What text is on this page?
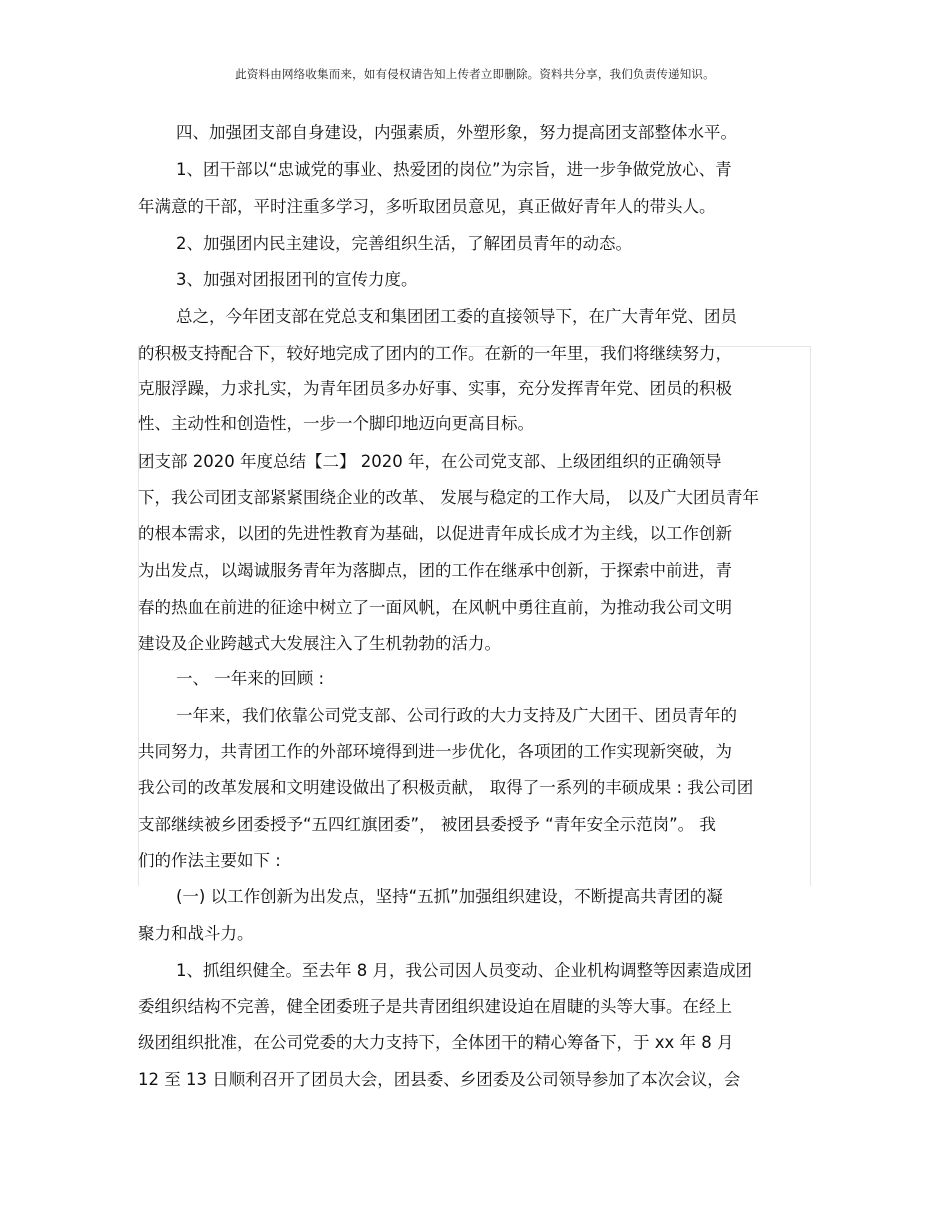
此资料由网络收集而来，如有侵权请告知上传者立即删除。资料共分享，我们负责传递知识。
四、加强团支部自身建设，内强素质，外塑形象，努力提高团支部整体水平。
1、团干部以“忠诚党的事业、热爱团的岗位”为宗旨，进一步争做党放心、青
年满意的干部，平时注重多学习，多听取团员意见，真正做好青年人的带头人。
2、加强团内民主建设，完善组织生活，了解团员青年的动态。
3、加强对团报团刊的宣传力度。
总之，今年团支部在党总支和集团团工委的直接领导下，在广大青年党、团员
的积极支持配合下，较好地完成了团内的工作。在新的一年里，我们将继续努力，
克服浮躁，力求扎实，为青年团员多办好事、实事，充分发挥青年党、团员的积极
性、主动性和创造性，一步一个脚印地迈向更高目标。
团支部 2020 年度总结【二】 2020 年，在公司党支部、上级团组织的正确领导
下，我公司团支部紧紧围绕企业的改革、 发展与稳定的工作大局， 以及广大团员青年
的根本需求，以团的先进性教育为基础，以促进青年成长成才为主线，以工作创新
为出发点，以竭诚服务青年为落脚点，团的工作在继承中创新，于探索中前进，青
春的热血在前进的征途中树立了一面风帆，在风帆中勇往直前，为推动我公司文明
建设及企业跨越式大发展注入了生机勃勃的活力。
一、 一年来的回顾 :
一年来，我们依靠公司党支部、公司行政的大力支持及广大团干、团员青年的
共同努力，共青团工作的外部环境得到进一步优化，各项团的工作实现新突破，为
我公司的改革发展和文明建设做出了积极贡献， 取得了一系列的丰硕成果 : 我公司团
支部继续被乡团委授予“五四红旗团委”， 被团县委授予 “青年安全示范岗”。 我
们的作法主要如下 :
(一) 以工作创新为出发点，坚持“五抓”加强组织建设，不断提高共青团的凝
聚力和战斗力。
1、抓组织健全。至去年 8 月，我公司因人员变动、企业机构调整等因素造成团
委组织结构不完善，健全团委班子是共青团组织建设迫在眉睫的头等大事。在经上
级团组织批准，在公司党委的大力支持下，全体团干的精心筹备下，于 xx 年 8 月
12 至 13 日顺利召开了团员大会，团县委、乡团委及公司领导参加了本次会议，会
